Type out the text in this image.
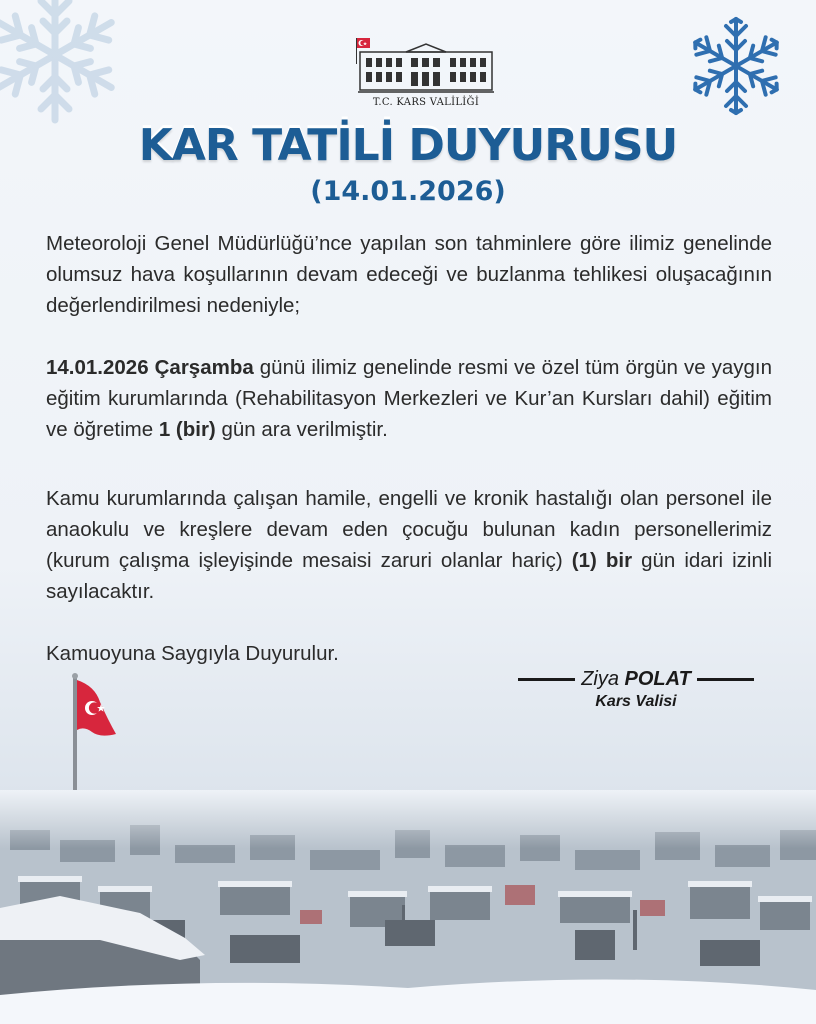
T.C. KARS VALİLİĞİ
KAR TATİLİ DUYURUSU
(14.01.2026)
Meteoroloji Genel Müdürlüğü’nce yapılan son tahminlere göre ilimiz genelinde olumsuz hava koşullarının devam edeceği ve buzlanma tehlikesi oluşacağının değerlendirilmesi nedeniyle;
14.01.2026 Çarşamba günü ilimiz genelinde resmi ve özel tüm örgün ve yaygın eğitim kurumlarında (Rehabilitasyon Merkezleri ve Kur’an Kursları dahil) eğitim ve öğretime 1 (bir) gün ara verilmiştir.
Kamu kurumlarında çalışan hamile, engelli ve kronik hastalığı olan personel ile anaokulu ve kreşlere devam eden çocuğu bulunan kadın personellerimiz (kurum çalışma işleyişinde mesaisi zaruri olanlar hariç) (1) bir gün idari izinli sayılacaktır.
Kamuoyuna Saygıyla Duyurulur.
Ziya POLAT
Kars Valisi
